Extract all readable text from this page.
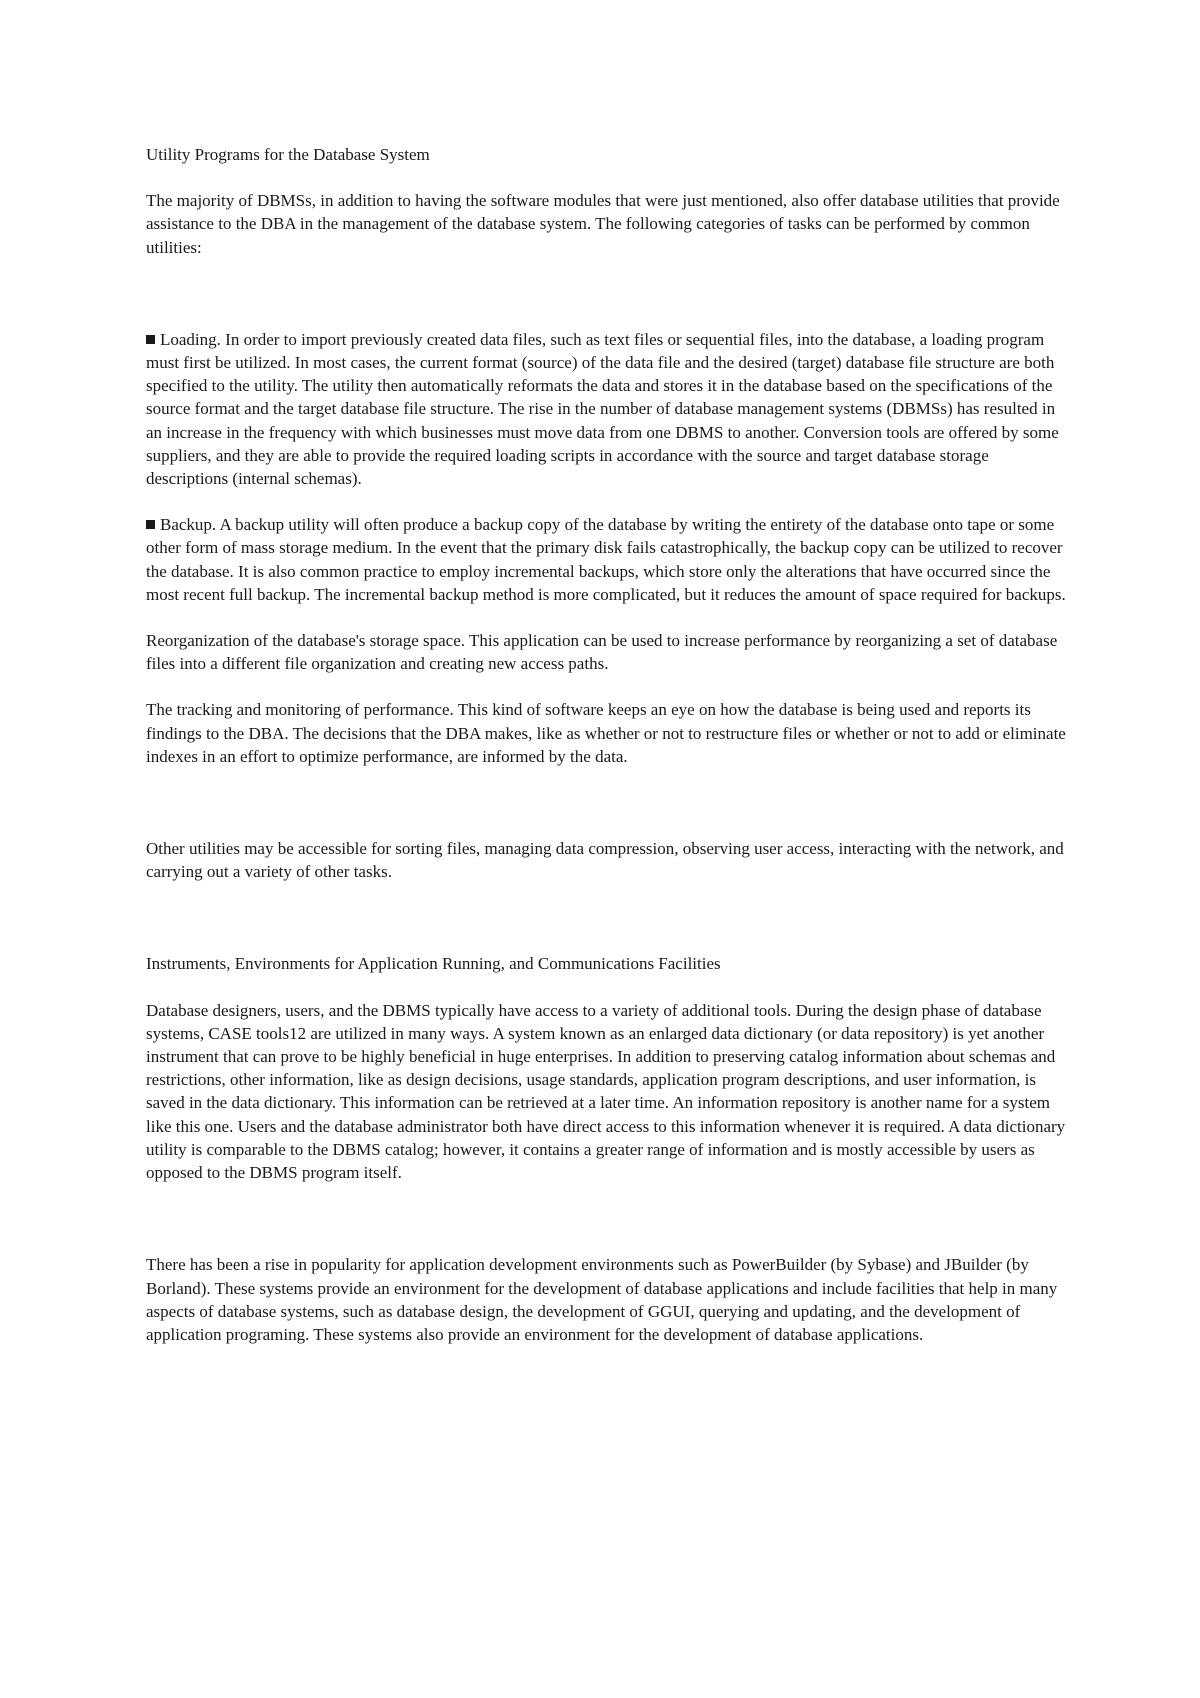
Utility Programs for the Database System

The majority of DBMSs, in addition to having the software modules that were just mentioned, also offer database utilities that provide assistance to the DBA in the management of the database system. The following categories of tasks can be performed by common utilities:

Loading. In order to import previously created data files, such as text files or sequential files, into the database, a loading program must first be utilized. In most cases, the current format (source) of the data file and the desired (target) database file structure are both specified to the utility. The utility then automatically reformats the data and stores it in the database based on the specifications of the source format and the target database file structure. The rise in the number of database management systems (DBMSs) has resulted in an increase in the frequency with which businesses must move data from one DBMS to another. Conversion tools are offered by some suppliers, and they are able to provide the required loading scripts in accordance with the source and target database storage descriptions (internal schemas).

Backup. A backup utility will often produce a backup copy of the database by writing the entirety of the database onto tape or some other form of mass storage medium. In the event that the primary disk fails catastrophically, the backup copy can be utilized to recover the database. It is also common practice to employ incremental backups, which store only the alterations that have occurred since the most recent full backup. The incremental backup method is more complicated, but it reduces the amount of space required for backups.

Reorganization of the database's storage space. This application can be used to increase performance by reorganizing a set of database files into a different file organization and creating new access paths.

The tracking and monitoring of performance. This kind of software keeps an eye on how the database is being used and reports its findings to the DBA. The decisions that the DBA makes, like as whether or not to restructure files or whether or not to add or eliminate indexes in an effort to optimize performance, are informed by the data.

Other utilities may be accessible for sorting files, managing data compression, observing user access, interacting with the network, and carrying out a variety of other tasks.

Instruments, Environments for Application Running, and Communications Facilities

Database designers, users, and the DBMS typically have access to a variety of additional tools. During the design phase of database systems, CASE tools12 are utilized in many ways. A system known as an enlarged data dictionary (or data repository) is yet another instrument that can prove to be highly beneficial in huge enterprises. In addition to preserving catalog information about schemas and restrictions, other information, like as design decisions, usage standards, application program descriptions, and user information, is saved in the data dictionary. This information can be retrieved at a later time. An information repository is another name for a system like this one. Users and the database administrator both have direct access to this information whenever it is required. A data dictionary utility is comparable to the DBMS catalog; however, it contains a greater range of information and is mostly accessible by users as opposed to the DBMS program itself.

There has been a rise in popularity for application development environments such as PowerBuilder (by Sybase) and JBuilder (by Borland). These systems provide an environment for the development of database applications and include facilities that help in many aspects of database systems, such as database design, the development of GGUI, querying and updating, and the development of application programing. These systems also provide an environment for the development of database applications.
